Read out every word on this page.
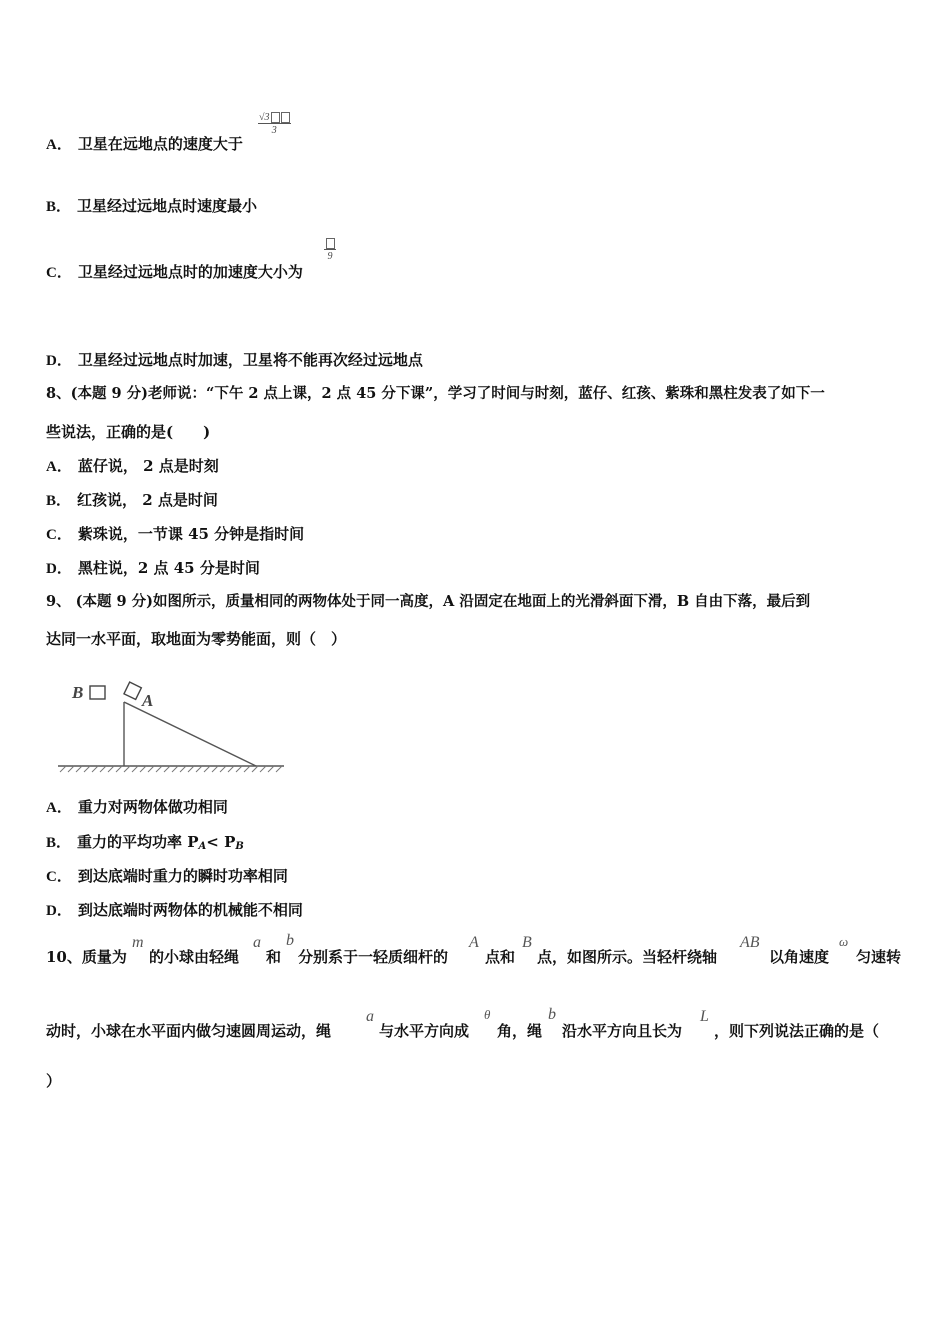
A． 卫星在远地点的速度大于
$\frac{√3}{3}$
B． 卫星经过远地点时速度最小
C． 卫星经过远地点时的加速度大小为
9
D． 卫星经过远地点时加速，卫星将不能再次经过远地点
8、(本题 9 分)老师说：“下午 2 点上课，2 点 45 分下课”，学习了时间与时刻，蓝仔、红孩、紫珠和黑柱发表了如下一
些说法，正确的是(　　)
A． 蓝仔说， 2 点是时刻
B． 红孩说， 2 点是时间
C． 紫珠说，一节课 45 分钟是指时间
D． 黑柱说，2 点 45 分是时间
9、 (本题 9 分)如图所示，质量相同的两物体处于同一高度，A 沿固定在地面上的光滑斜面下滑，B 自由下落，最后到
达同一水平面，取地面为零势能面，则（　）
B	A
A． 重力对两物体做功相同
B． 重力的平均功率 $P_A< P_B$
C． 到达底端时重力的瞬时功率相同
D． 到达底端时两物体的机械能不相同
10、质量为
m
的小球由轻绳
a
和
b
分别系于一轻质细杆的
A
点和
B
点，如图所示。当轻杆绕轴
AB
以角速度
ω
匀速转
动时，小球在水平面内做匀速圆周运动，绳
a
与水平方向成
θ
角，绳
b
沿水平方向且长为
L
，则下列说法正确的是（
）
